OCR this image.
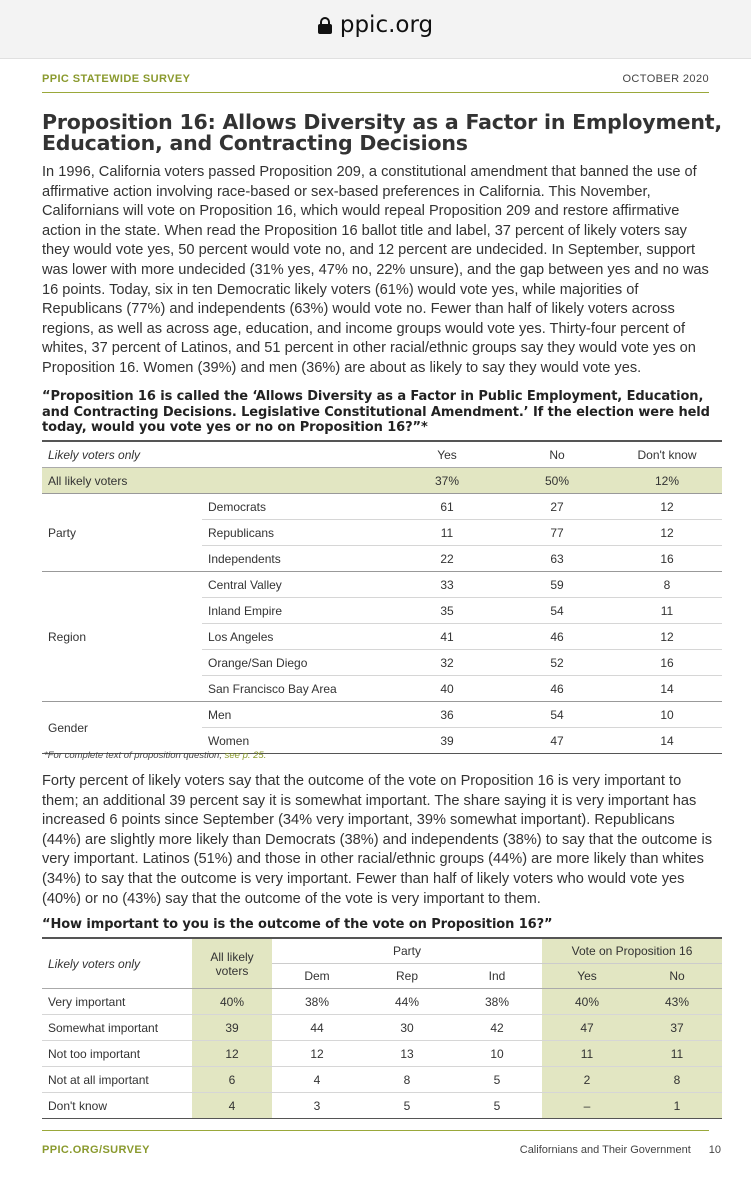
ppic.org
PPIC STATEWIDE SURVEY	OCTOBER 2020
Proposition 16: Allows Diversity as a Factor in Employment, Education, and Contracting Decisions
In 1996, California voters passed Proposition 209, a constitutional amendment that banned the use of affirmative action involving race-based or sex-based preferences in California. This November, Californians will vote on Proposition 16, which would repeal Proposition 209 and restore affirmative action in the state. When read the Proposition 16 ballot title and label, 37 percent of likely voters say they would vote yes, 50 percent would vote no, and 12 percent are undecided. In September, support was lower with more undecided (31% yes, 47% no, 22% unsure), and the gap between yes and no was 16 points. Today, six in ten Democratic likely voters (61%) would vote yes, while majorities of Republicans (77%) and independents (63%) would vote no. Fewer than half of likely voters across regions, as well as across age, education, and income groups would vote yes. Thirty-four percent of whites, 37 percent of Latinos, and 51 percent in other racial/ethnic groups say they would vote yes on Proposition 16. Women (39%) and men (36%) are about as likely to say they would vote yes.
“Proposition 16 is called the ‘Allows Diversity as a Factor in Public Employment, Education, and Contracting Decisions. Legislative Constitutional Amendment.’ If the election were held today, would you vote yes or no on Proposition 16?”*
Likely voters only		Yes	No	Don't know
All likely voters		37%	50%	12%
Party	Democrats	61	27	12
	Republicans	11	77	12
	Independents	22	63	16
Region	Central Valley	33	59	8
	Inland Empire	35	54	11
	Los Angeles	41	46	12
	Orange/San Diego	32	52	16
	San Francisco Bay Area	40	46	14
Gender	Men	36	54	10
	Women	39	47	14
*For complete text of proposition question, see p. 25.
Forty percent of likely voters say that the outcome of the vote on Proposition 16 is very important to them; an additional 39 percent say it is somewhat important. The share saying it is very important has increased 6 points since September (34% very important, 39% somewhat important). Republicans (44%) are slightly more likely than Democrats (38%) and independents (38%) to say that the outcome is very important. Latinos (51%) and those in other racial/ethnic groups (44%) are more likely than whites (34%) to say that the outcome is very important. Fewer than half of likely voters who would vote yes (40%) or no (43%) say that the outcome of the vote is very important to them.
“How important to you is the outcome of the vote on Proposition 16?”
Likely voters only	All likely voters	Party			Vote on Proposition 16	
		Dem	Rep	Ind	Yes	No
Very important	40%	38%	44%	38%	40%	43%
Somewhat important	39	44	30	42	47	37
Not too important	12	12	13	10	11	11
Not at all important	6	4	8	5	2	8
Don't know	4	3	5	5	–	1
PPIC.ORG/SURVEY	Californians and Their Government 10
